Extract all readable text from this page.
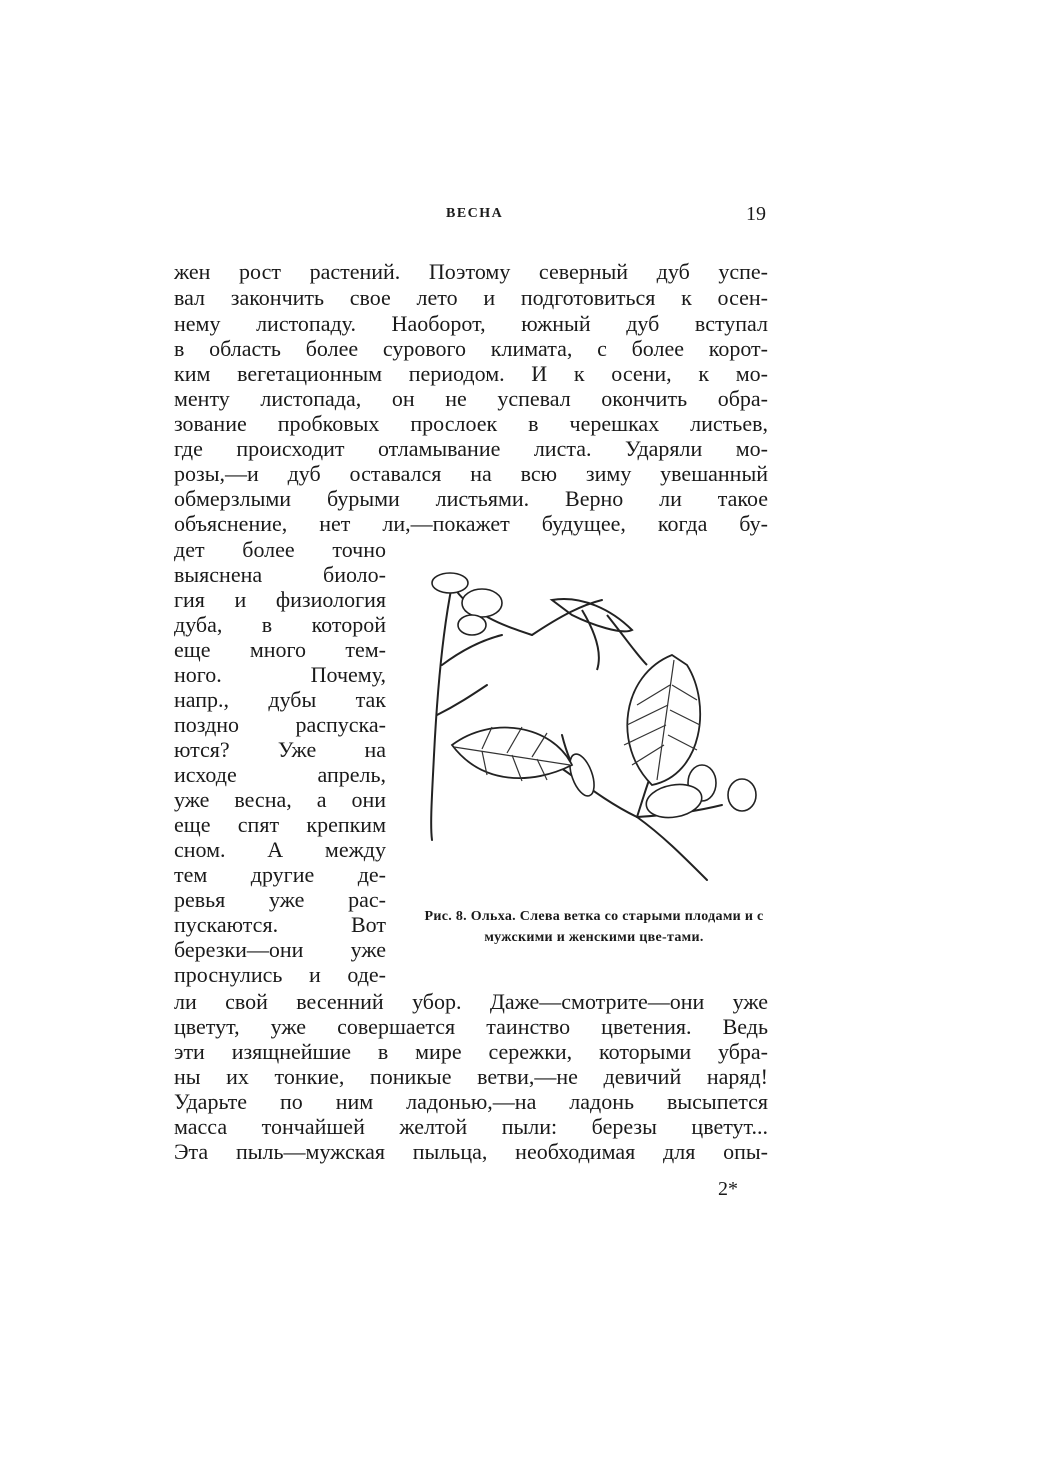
ВЕСНА	19
жен рост растений. Поэтому северный дуб успе-
вал закончить свое лето и подготовиться к осен-
нему листопаду. Наоборот, южный дуб вступал
в область более сурового климата, с более корот-
ким вегетационным периодом. И к осени, к мо-
менту листопада, он не успевал окончить обра-
зование пробковых прослоек в черешках листьев,
где происходит отламывание листа. Ударяли мо-
розы,—и дуб оставался на всю зиму увешанный
обмерзлыми бурыми листьями. Верно ли такое
объяснение, нет ли,—покажет будущее, когда бу-
дет более точно
выяснена биоло-
гия и физиология
дуба, в которой
еще много тем-
ного. Почему,
напр., дубы так
поздно распуска-
ются? Уже на
исходе апрель,
уже весна, а они
еще спят крепким
сном. А между
тем другие де-
ревья уже рас-
пускаются. Вот
березки—они уже
проснулись и оде-
Рис. 8. Ольха. Слева ветка со старыми плодами и с мужскими и женскими цве-тами.
ли свой весенний убор. Даже—смотрите—они уже
цветут, уже совершается таинство цветения. Ведь
эти изящнейшие в мире сережки, которыми убра-
ны их тонкие, поникые ветви,—не девичий наряд!
Ударьте по ним ладонью,—на ладонь высыпется
масса тончайшей желтой пыли: березы цветут...
Эта пыль—мужская пыльца, необходимая для опы-
2*
